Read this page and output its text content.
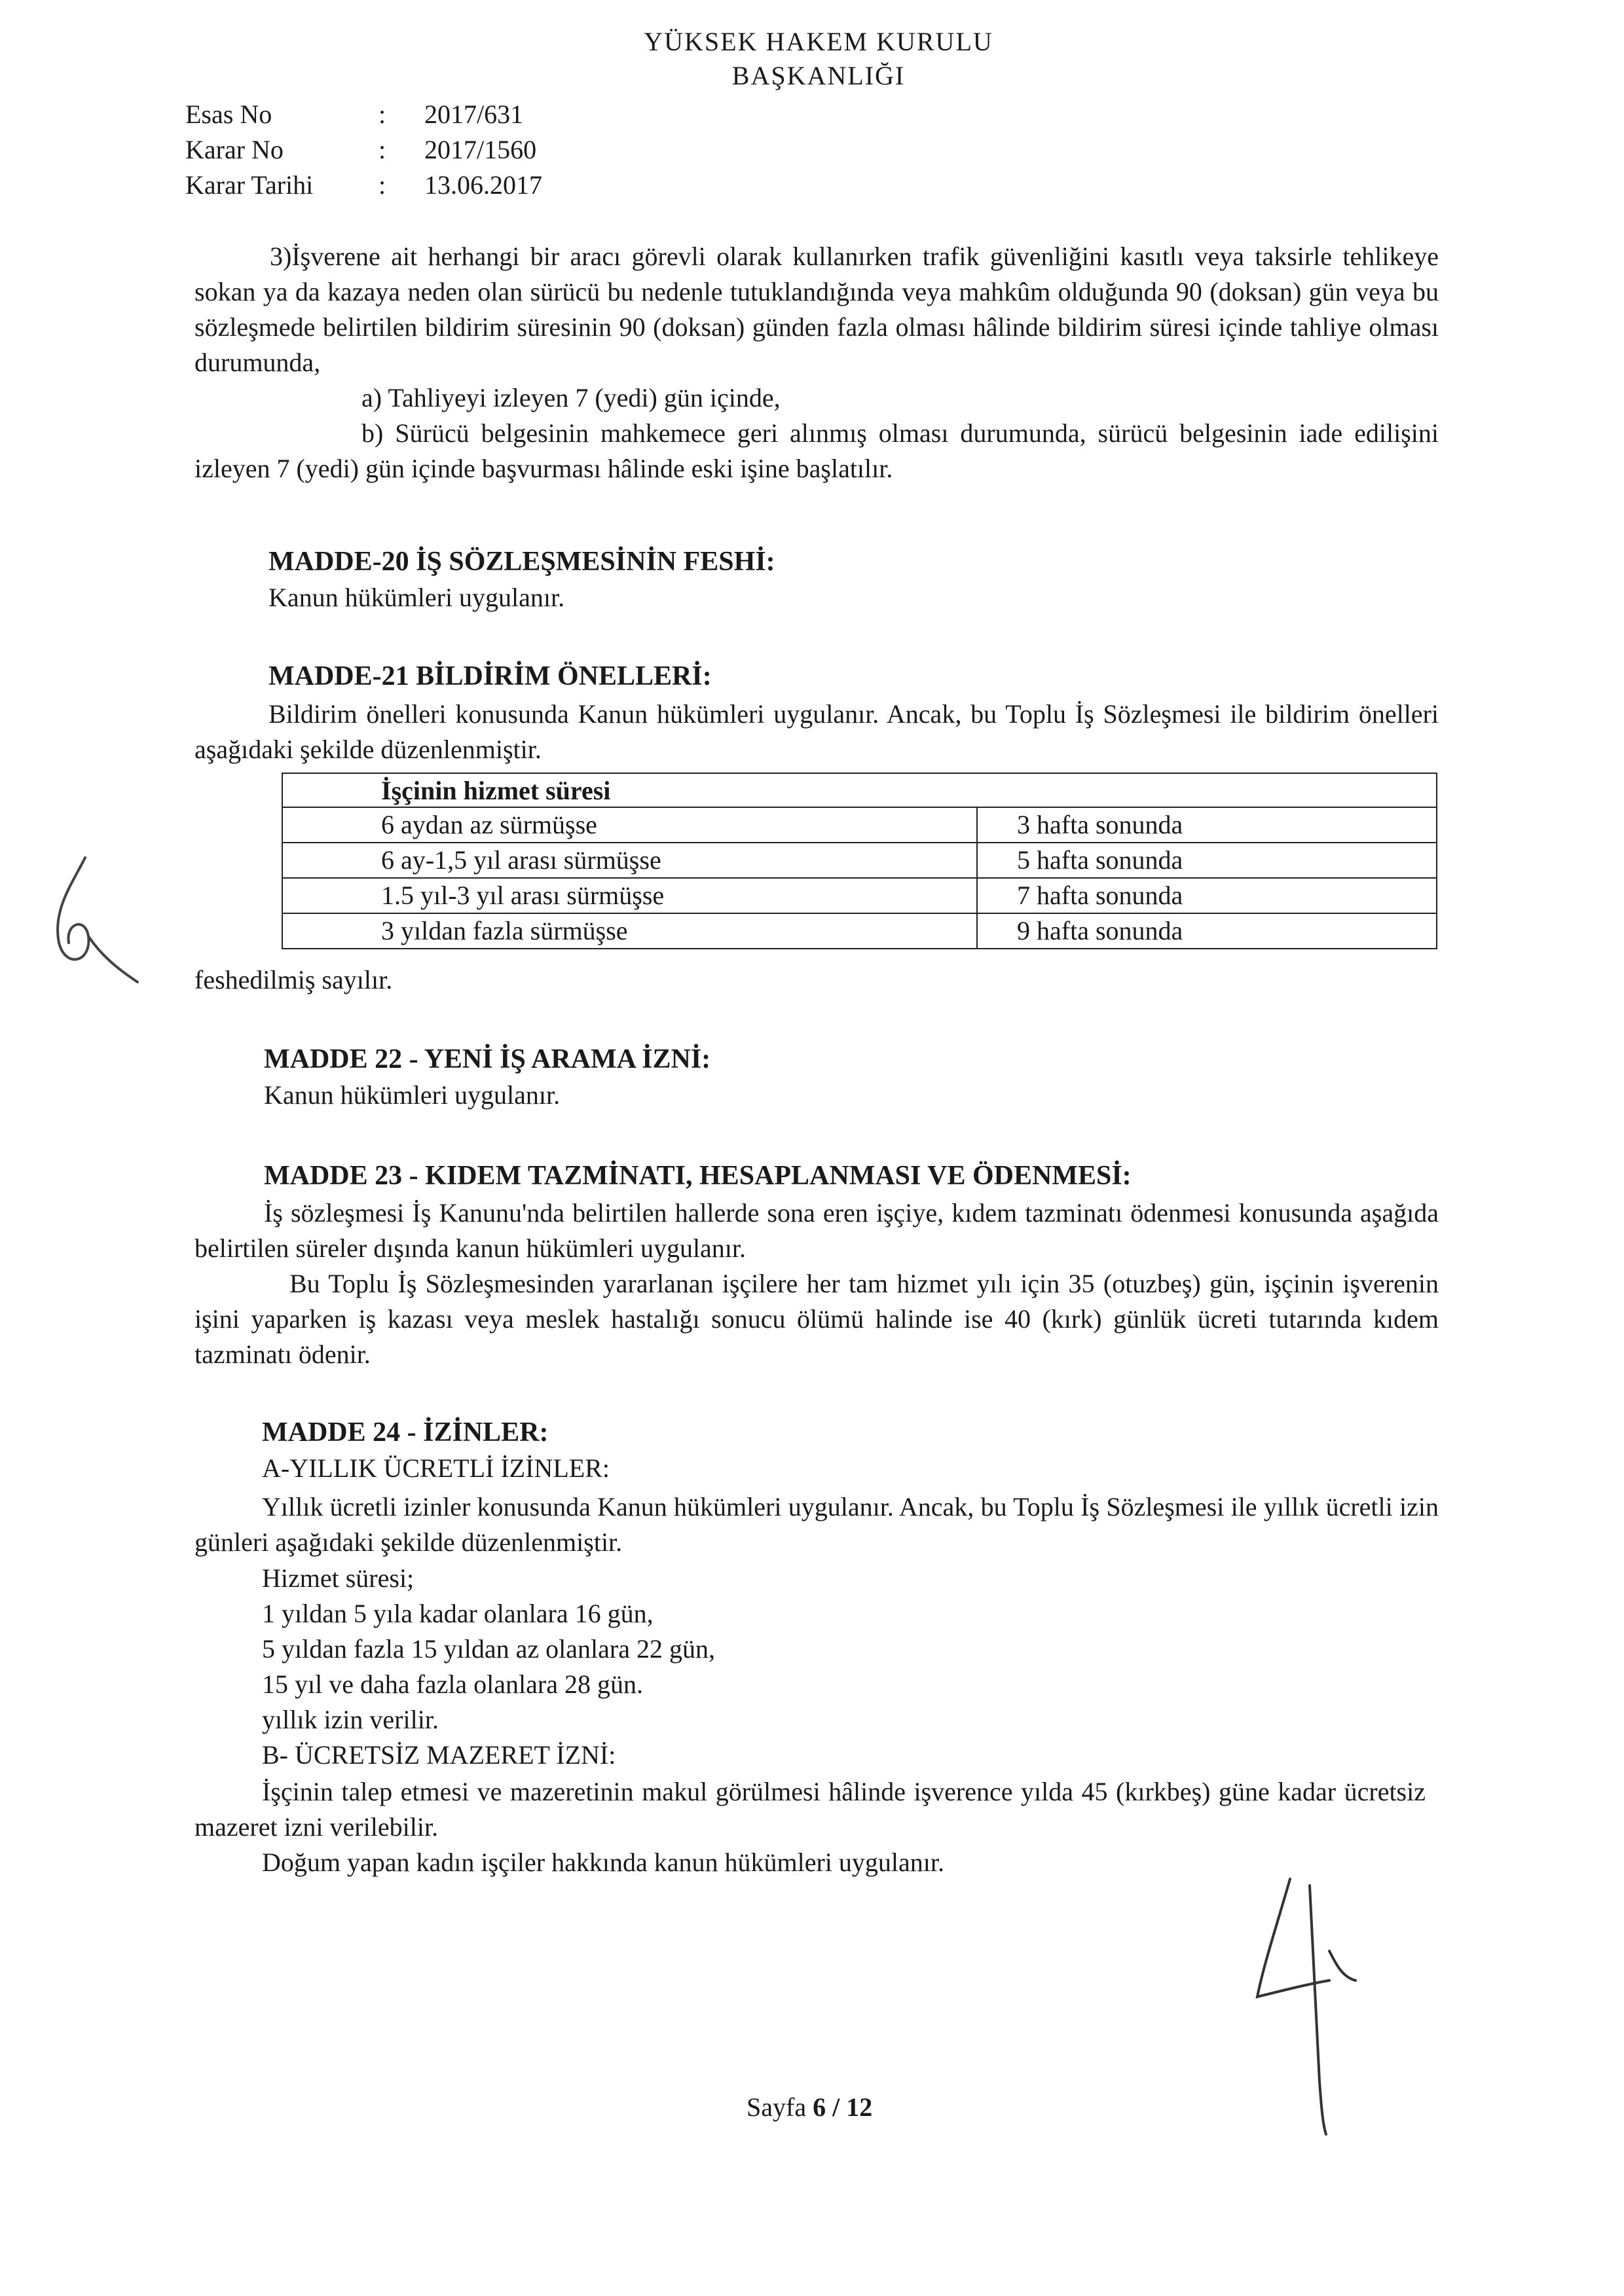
YÜKSEK HAKEM KURULU
BAŞKANLIĞI
Esas No	: 2017/631
Karar No	: 2017/1560
Karar Tarihi : 13.06.2017

3)İşverene ait herhangi bir aracı görevli olarak kullanırken trafik güvenliğini kasıtlı veya taksirle tehlikeye sokan ya da kazaya neden olan sürücü bu nedenle tutuklandığında veya mahkûm olduğunda 90 (doksan) gün veya bu sözleşmede belirtilen bildirim süresinin 90 (doksan) günden fazla olması hâlinde bildirim süresi içinde tahliye olması durumunda,

a) Tahliyeyi izleyen 7 (yedi) gün içinde,

b) Sürücü belgesinin mahkemece geri alınmış olması durumunda, sürücü belgesinin iade edilişini izleyen 7 (yedi) gün içinde başvurması hâlinde eski işine başlatılır.

MADDE-20 İŞ SÖZLEŞMESİNİN FESHİ:
Kanun hükümleri uygulanır.
MADDE-21 BİLDİRİM ÖNELLERİ:

Bildirim önelleri konusunda Kanun hükümleri uygulanır. Ancak, bu Toplu İş Sözleşmesi ile bildirim önelleri aşağıdaki şekilde düzenlenmiştir.

İşçinin hizmet süresi	
6 aydan az sürmüşse	3 hafta sonunda
6 ay-1,5 yıl arası sürmüşse	5 hafta sonunda
1.5 yıl-3 yıl arası sürmüşse	7 hafta sonunda
3 yıldan fazla sürmüşse	9 hafta sonunda
feshedilmiş sayılır.
MADDE 22 - YENİ İŞ ARAMA İZNİ:
Kanun hükümleri uygulanır.
MADDE 23 - KIDEM TAZMİNATI, HESAPLANMASI VE ÖDENMESİ:

İş sözleşmesi İş Kanunu'nda belirtilen hallerde sona eren işçiye, kıdem tazminatı ödenmesi konusunda aşağıda belirtilen süreler dışında kanun hükümleri uygulanır.

Bu Toplu İş Sözleşmesinden yararlanan işçilere her tam hizmet yılı için 35 (otuzbeş) gün, işçinin işverenin işini yaparken iş kazası veya meslek hastalığı sonucu ölümü halinde ise 40 (kırk) günlük ücreti tutarında kıdem tazminatı ödenir.

MADDE 24 - İZİNLER:
A-YILLIK ÜCRETLİ İZİNLER:

Yıllık ücretli izinler konusunda Kanun hükümleri uygulanır. Ancak, bu Toplu İş Sözleşmesi ile yıllık ücretli izin günleri aşağıdaki şekilde düzenlenmiştir.

Hizmet süresi;
1 yıldan 5 yıla kadar olanlara 16 gün,
5 yıldan fazla 15 yıldan az olanlara 22 gün,
15 yıl ve daha fazla olanlara 28 gün.
yıllık izin verilir.
B- ÜCRETSİZ MAZERET İZNİ:

İşçinin talep etmesi ve mazeretinin makul görülmesi hâlinde işverence yılda 45 (kırkbeş) güne kadar ücretsiz mazeret izni verilebilir.

Doğum yapan kadın işçiler hakkında kanun hükümleri uygulanır.

Sayfa 6 / 12
